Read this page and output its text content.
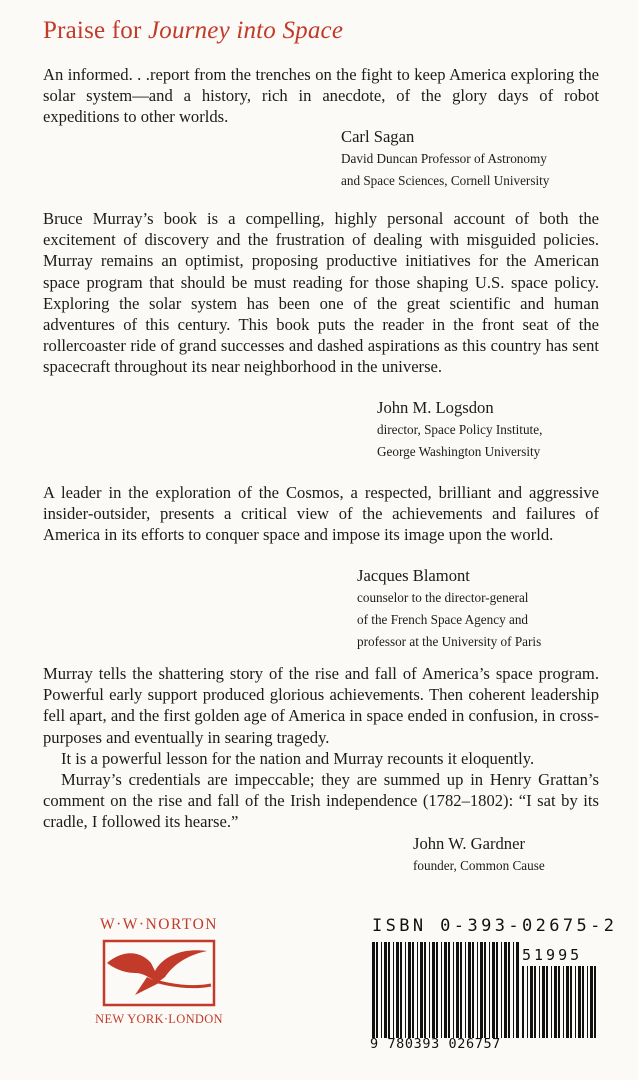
Praise for Journey into Space

An informed. . .report from the trenches on the fight to keep America exploring the solar system—and a history, rich in anecdote, of the glory days of robot expeditions to other worlds.

Carl Sagan
David Duncan Professor of Astronomy
and Space Sciences, Cornell University

Bruce Murray’s book is a compelling, highly personal account of both the excitement of discovery and the frustration of dealing with misguided policies. Murray remains an optimist, proposing productive initiatives for the American space program that should be must reading for those shaping U.S. space policy. Exploring the solar system has been one of the great scientific and human adventures of this century. This book puts the reader in the front seat of the rollercoaster ride of grand successes and dashed aspirations as this country has sent spacecraft throughout its near neighborhood in the universe.

John M. Logsdon
director, Space Policy Institute,
George Washington University

A leader in the exploration of the Cosmos, a respected, brilliant and aggressive insider-outsider, presents a critical view of the achievements and failures of America in its efforts to conquer space and impose its image upon the world.

Jacques Blamont
counselor to the director-general
of the French Space Agency and
professor at the University of Paris

Murray tells the shattering story of the rise and fall of America’s space program. Powerful early support produced glorious achievements. Then coherent leadership fell apart, and the first golden age of America in space ended in confusion, in cross-purposes and eventually in searing tragedy.

It is a powerful lesson for the nation and Murray recounts it eloquently.

Murray’s credentials are impeccable; they are summed up in Henry Grattan’s comment on the rise and fall of the Irish independence (1782–1802): “I sat by its cradle, I followed its hearse.”

John W. Gardner
founder, Common Cause
W·W·NORTON
NEW YORK·LONDON
ISBN 0-393-02675-2
51995
9 780393 026757
